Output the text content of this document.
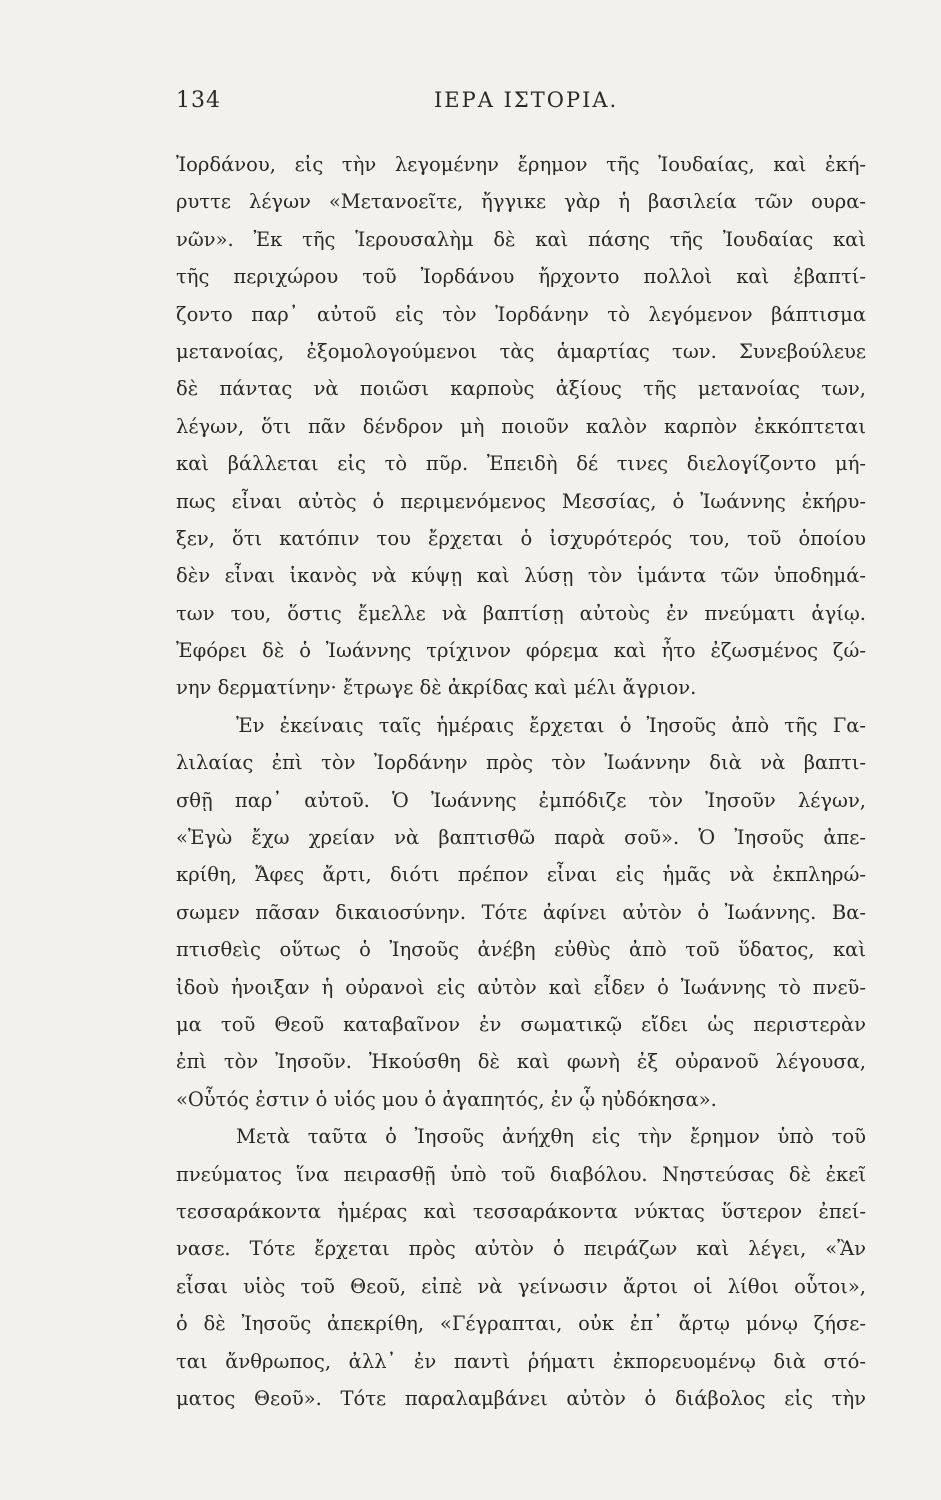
134	ΙΕΡΑ ΙΣΤΟΡΙΑ.
Ἰορδάνου, εἰς τὴν λεγομένην ἔρημον τῆς Ἰουδαίας, καὶ ἐκή-
ρυττε λέγων «Μετανοεῖτε, ἤγγικε γὰρ ἡ βασιλεία τῶν ουρα-
νῶν». Ἐκ τῆς Ἱερουσαλὴμ δὲ καὶ πάσης τῆς Ἰουδαίας καὶ
τῆς περιχώρου τοῦ Ἰορδάνου ἤρχοντο πολλοὶ καὶ ἐβαπτί-
ζοντο παρ᾽ αὐτοῦ εἰς τὸν Ἰορδάνην τὸ λεγόμενον βάπτισμα
μετανοίας, ἐξομολογούμενοι τὰς ἁμαρτίας των. Συνεβούλευε
δὲ πάντας νὰ ποιῶσι καρποὺς ἀξίους τῆς μετανοίας των,
λέγων, ὅτι πᾶν δένδρον μὴ ποιοῦν καλὸν καρπὸν ἐκκόπτεται
καὶ βάλλεται εἰς τὸ πῦρ. Ἐπειδὴ δέ τινες διελογίζοντο μή-
πως εἶναι αὐτὸς ὁ περιμενόμενος Μεσσίας, ὁ Ἰωάννης ἐκήρυ-
ξεν, ὅτι κατόπιν του ἔρχεται ὁ ἰσχυρότερός του, τοῦ ὁποίου
δὲν εἶναι ἱκανὸς νὰ κύψῃ καὶ λύσῃ τὸν ἱμάντα τῶν ὑποδημά-
των του, ὅστις ἔμελλε νὰ βαπτίσῃ αὐτοὺς ἐν πνεύματι ἁγίῳ.
Ἐφόρει δὲ ὁ Ἰωάννης τρίχινον φόρεμα καὶ ἦτο ἐζωσμένος ζώ-
νην δερματίνην· ἔτρωγε δὲ ἀκρίδας καὶ μέλι ἄγριον.
Ἐν ἐκείναις ταῖς ἡμέραις ἔρχεται ὁ Ἰησοῦς ἀπὸ τῆς Γα-
λιλαίας ἐπὶ τὸν Ἰορδάνην πρὸς τὸν Ἰωάννην διὰ νὰ βαπτι-
σθῇ παρ᾽ αὐτοῦ. Ὁ Ἰωάννης ἐμπόδιζε τὸν Ἰησοῦν λέγων,
«Ἐγὼ ἔχω χρείαν νὰ βαπτισθῶ παρὰ σοῦ». Ὁ Ἰησοῦς ἀπε-
κρίθη, Ἄφες ἄρτι, διότι πρέπον εἶναι εἰς ἡμᾶς νὰ ἐκπληρώ-
σωμεν πᾶσαν δικαιοσύνην. Τότε ἀφίνει αὐτὸν ὁ Ἰωάννης. Βα-
πτισθεὶς οὕτως ὁ Ἰησοῦς ἀνέβη εὐθὺς ἀπὸ τοῦ ὕδατος, καὶ
ἰδοὺ ἠνοιξαν ἡ οὐρανοὶ εἰς αὐτὸν καὶ εἶδεν ὁ Ἰωάννης τὸ πνεῦ-
μα τοῦ Θεοῦ καταβαῖνον ἐν σωματικῷ εἴδει ὡς περιστερὰν
ἐπὶ τὸν Ἰησοῦν. Ἠκούσθη δὲ καὶ φωνὴ ἐξ οὐρανοῦ λέγουσα,
«Οὗτός ἐστιν ὁ υἱός μου ὁ ἀγαπητός, ἐν ᾧ ηὐδόκησα».
Μετὰ ταῦτα ὁ Ἰησοῦς ἀνήχθη εἰς τὴν ἔρημον ὑπὸ τοῦ
πνεύματος ἵνα πειρασθῇ ὑπὸ τοῦ διαβόλου. Νηστεύσας δὲ ἐκεῖ
τεσσαράκοντα ἡμέρας καὶ τεσσαράκοντα νύκτας ὕστερον ἐπεί-
νασε. Τότε ἔρχεται πρὸς αὐτὸν ὁ πειράζων καὶ λέγει, «Ἂν
εἶσαι υἱὸς τοῦ Θεοῦ, εἰπὲ νὰ γείνωσιν ἄρτοι οἱ λίθοι οὗτοι»,
ὁ δὲ Ἰησοῦς ἀπεκρίθη, «Γέγραπται, οὐκ ἐπ᾽ ἄρτῳ μόνῳ ζήσε-
ται ἄνθρωπος, ἀλλ᾽ ἐν παντὶ ῥήματι ἐκπορευομένῳ διὰ στό-
ματος Θεοῦ». Τότε παραλαμβάνει αὐτὸν ὁ διάβολος εἰς τὴν
